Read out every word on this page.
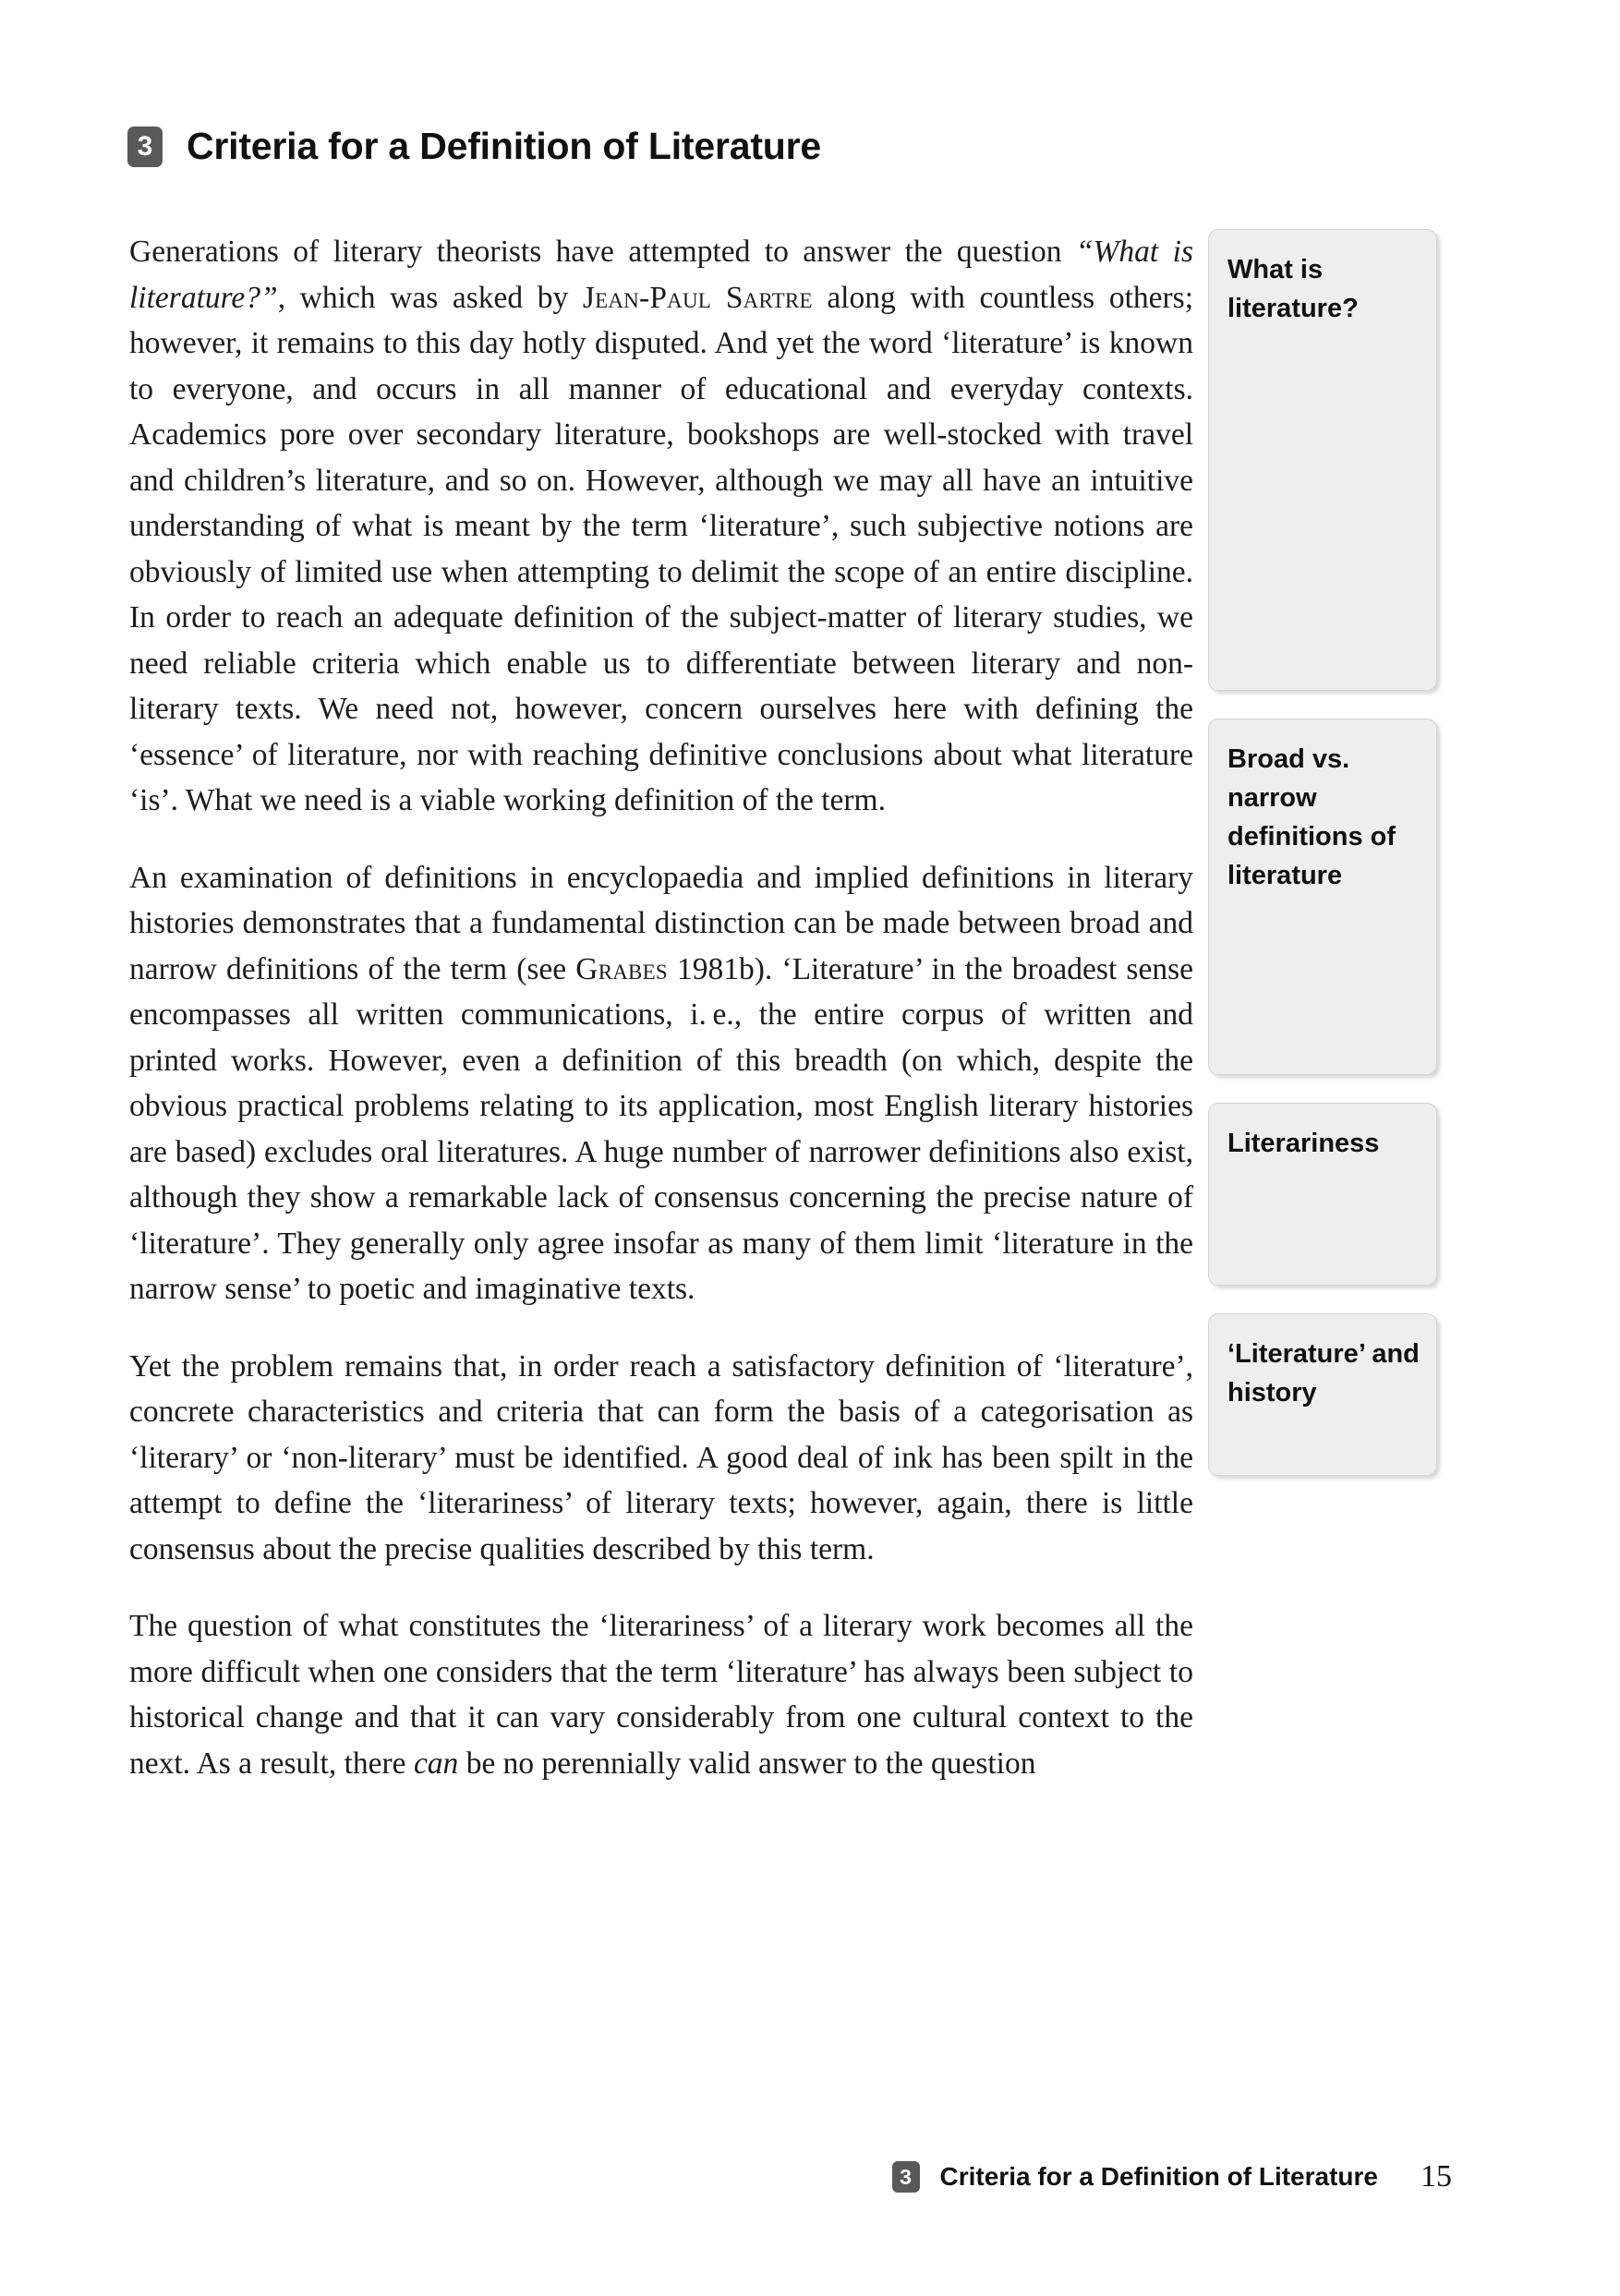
3 Criteria for a Definition of Literature

Generations of literary theorists have attempted to answer the question “What is literature?”, which was asked by Jean-Paul Sartre along with countless others; however, it remains to this day hotly disputed. And yet the word ‘literature’ is known to everyone, and occurs in all manner of educational and everyday contexts. Academics pore over secondary literature, bookshops are well-stocked with travel and children’s literature, and so on. However, although we may all have an intuitive understanding of what is meant by the term ‘literature’, such subjective notions are obviously of limited use when attempting to delimit the scope of an entire discipline. In order to reach an adequate definition of the subject-matter of literary studies, we need reliable criteria which enable us to differentiate between literary and non-literary texts. We need not, however, concern ourselves here with defining the ‘essence’ of literature, nor with reaching definitive conclusions about what literature ‘is’. What we need is a viable working definition of the term.

An examination of definitions in encyclopaedia and implied definitions in literary histories demonstrates that a fundamental distinction can be made between broad and narrow definitions of the term (see Grabes 1981b). ‘Literature’ in the broadest sense encompasses all written communications, i. e., the entire corpus of written and printed works. However, even a definition of this breadth (on which, despite the obvious practical problems relating to its application, most English literary histories are based) excludes oral literatures. A huge number of narrower definitions also exist, although they show a remarkable lack of consensus concerning the precise nature of ‘literature’. They generally only agree insofar as many of them limit ‘literature in the narrow sense’ to poetic and imaginative texts.

Yet the problem remains that, in order reach a satisfactory definition of ‘literature’, concrete characteristics and criteria that can form the basis of a categorisation as ‘literary’ or ‘non-literary’ must be identified. A good deal of ink has been spilt in the attempt to define the ‘literariness’ of literary texts; however, again, there is little consensus about the precise qualities described by this term.

The question of what constitutes the ‘literariness’ of a literary work becomes all the more difficult when one considers that the term ‘literature’ has always been subject to historical change and that it can vary considerably from one cultural context to the next. As a result, there can be no perennially valid answer to the question

What is literature?
Broad vs. narrow definitions of literature
Literariness
‘Literature’ and history
3	Criteria for a Definition of Literature 15
